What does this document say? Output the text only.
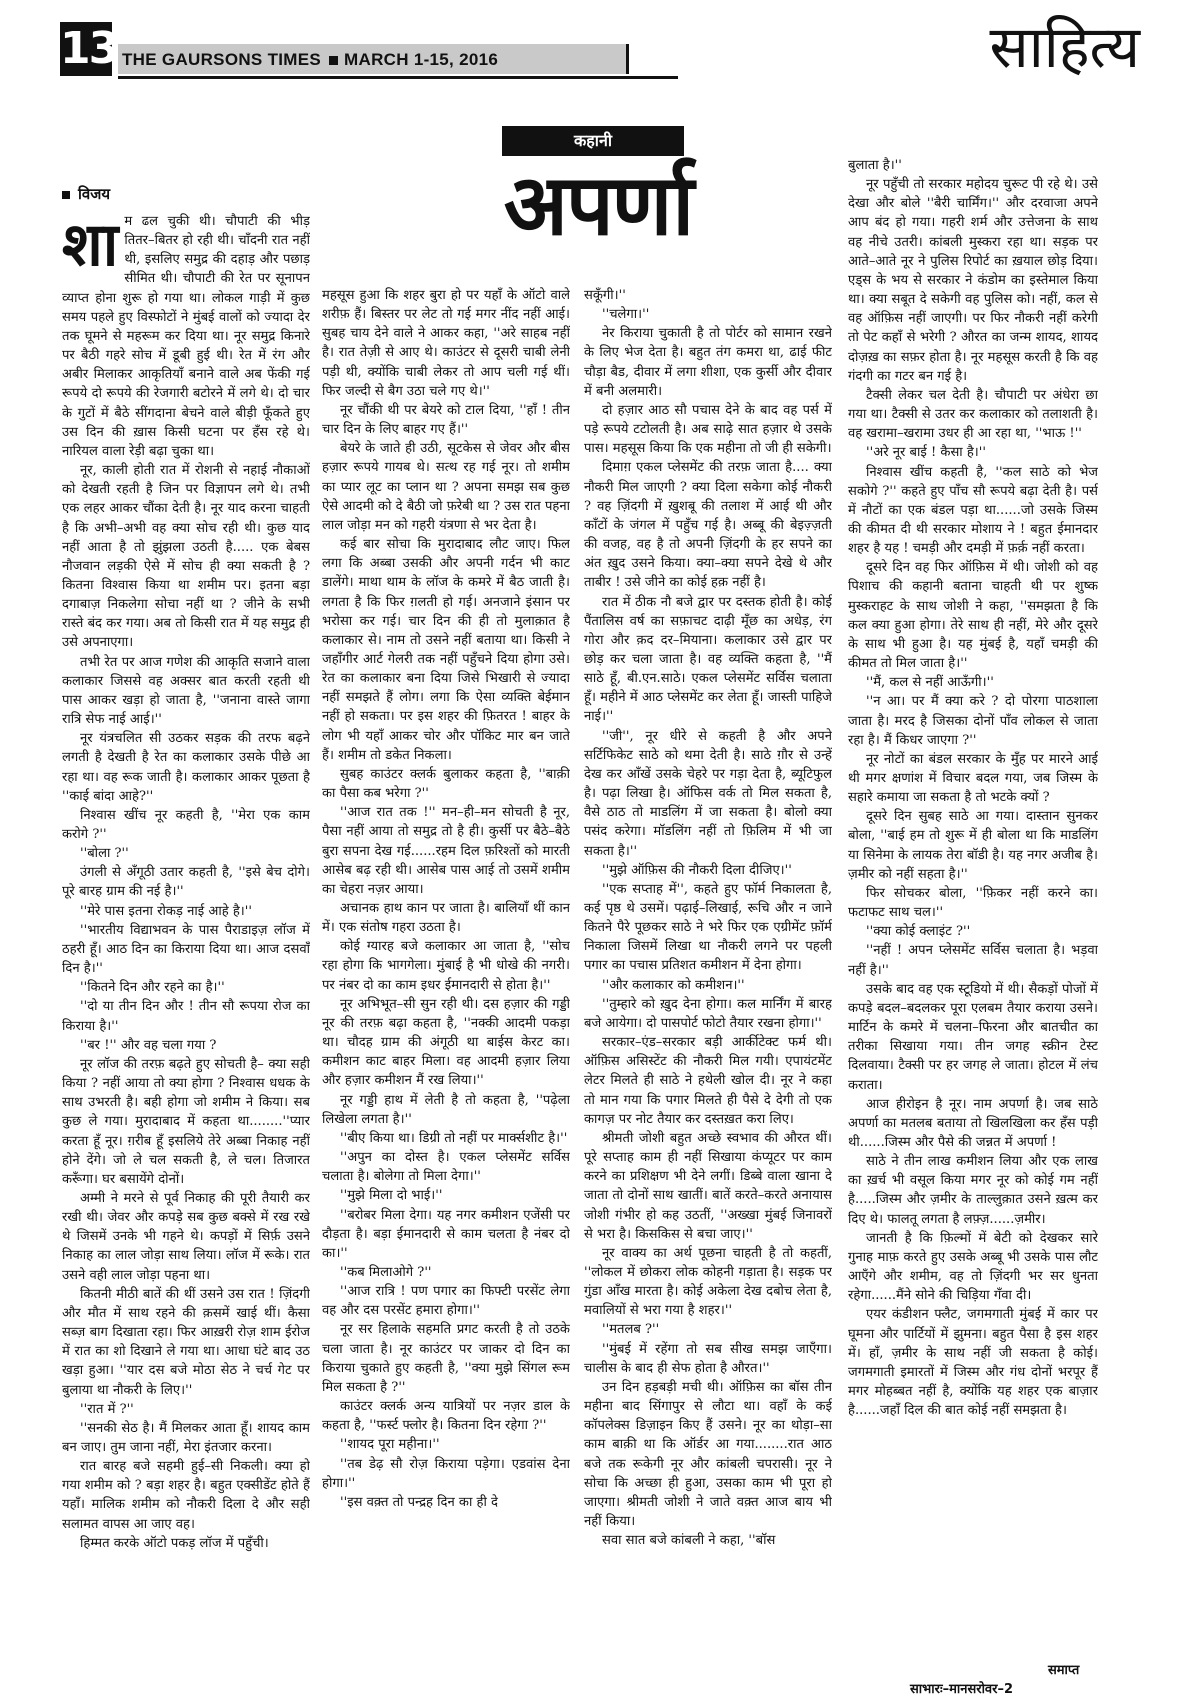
13 THE GAURSONS TIMES MARCH 1-15, 2016	साहित्य
कहानी
अपर्णा
विजय
शा म ढल चुकी थी। चौपाटी की भीड़ तितर–बितर हो रही थी। चाँदनी रात नहीं थी, इसलिए समुद्र की दहाड़ और पछाड़ सीमित थी। चौपाटी की रेत पर सूनापन व्याप्त होना शुरू हो गया था। लोकल गाड़ी में कुछ समय पहले हुए विस्फोटों ने मुंबई वालों को ज्यादा देर तक घूमने से महरूम कर दिया था। नूर समुद्र किनारे पर बैठी गहरे सोच में डूबी हुई थी। रेत में रंग और अबीर मिलाकर आकृतियाँ बनाने वाले अब फेंकी गई रूपये दो रूपये की रेजगारी बटोरने में लगे थे। दो चार के गुटों में बैठे सींगदाना बेचने वाले बीड़ी फूँकते हुए उस दिन की ख़ास किसी घटना पर हँस रहे थे। नारियल वाला रेड़ी बढ़ा चुका था।

नूर, काली होती रात में रोशनी से नहाई नौकाओं को देखती रहती है जिन पर विज्ञापन लगे थे। तभी एक लहर आकर चौंका देती है। नूर याद करना चाहती है कि अभी–अभी वह क्या सोच रही थी। कुछ याद नहीं आता है तो झुंझला उठती है..... एक बेबस नौजवान लड़की ऐसे में सोच ही क्या सकती है ? कितना विश्वास किया था शमीम पर। इतना बड़ा दगाबाज़ निकलेगा सोचा नहीं था ? जीने के सभी रास्ते बंद कर गया। अब तो किसी रात में यह समुद्र ही उसे अपनाएगा।

तभी रेत पर आज गणेश की आकृति सजाने वाला कलाकार जिससे वह अक्सर बात करती रहती थी पास आकर खड़ा हो जाता है, ''जनाना वास्ते जागा रात्रि सेफ नाई आई।''

नूर यंत्रचलित सी उठकर सड़क की तरफ बढ़ने लगती है देखती है रेत का कलाकार उसके पीछे आ रहा था। वह रूक जाती है। कलाकार आकर पूछता है ''काई बांदा आहे?''

निश्वास खींच नूर कहती है, ''मेरा एक काम करोगे ?''

''बोला ?''

उंगली से अँगूठी उतार कहती है, ''इसे बेच दोगे। पूरे बारह ग्राम की नई है।''

''मेरे पास इतना रोकड़ नाई आहे है।''

''भारतीय विद्याभवन के पास पैराडाइज़ लॉज में ठहरी हूँ। आठ दिन का किराया दिया था। आज दसवाँ दिन है।''

''कितने दिन और रहने का है।''

''दो या तीन दिन और ! तीन सौ रूपया रोज का किराया है।''

''बर !'' और वह चला गया ?

नूर लॉज की तरफ़ बढ़ते हुए सोचती है– क्या सही किया ? नहीं आया तो क्या होगा ? निश्वास धधक के साथ उभरती है। बही होगा जो शमीम ने किया। सब कुछ ले गया। मुरादाबाद में कहता था........''प्यार करता हूँ नूर। ग़रीब हूँ इसलिये तेरे अब्बा निकाह नहीं होने देंगे। जो ले चल सकती है, ले चल। तिजारत करूँगा। घर बसायेंगे दोनों।

अम्मी ने मरने से पूर्व निकाह की पूरी तैयारी कर रखी थी। जेवर और कपड़े सब कुछ बक्से में रख रखे थे जिसमें उनके भी गहने थे। कपड़ों में सिर्फ़ उसने निकाह का लाल जोड़ा साथ लिया। लॉज में रूके। रात उसने वही लाल जोड़ा पहना था।

कितनी मीठी बातें की थीं उसने उस रात ! ज़िंदगी और मौत में साथ रहने की क़समें खाई थीं। कैसा सब्ज़ बाग दिखाता रहा। फिर आख़री रोज़ शाम ईरोज में रात का शो दिखाने ले गया था। आधा घंटे बाद उठ खड़ा हुआ। ''यार दस बजे मोठा सेठ ने चर्च गेट पर बुलाया था नौकरी के लिए।''

''रात में ?''

''सनकी सेठ है। मैं मिलकर आता हूँ। शायद काम बन जाए। तुम जाना नहीं, मेरा इंतजार करना।

रात बारह बजे सहमी हुई–सी निकली। क्या हो गया शमीम को ? बड़ा शहर है। बहुत एक्सीडेंट होते हैं यहाँ। मालिक शमीम को नौकरी दिला दे और सही सलामत वापस आ जाए वह।

हिम्मत करके ऑटो पकड़ लॉज में पहुँची।

महसूस हुआ कि शहर बुरा हो पर यहाँ के ऑटो वाले शरीफ़ हैं। बिस्तर पर लेट तो गई मगर नींद नहीं आई। सुबह चाय देने वाले ने आकर कहा, ''अरे साहब नहीं है। रात तेज़ी से आए थे। काउंटर से दूसरी चाबी लेनी पड़ी थी, क्योंकि चाबी लेकर तो आप चली गई थीं। फिर जल्दी से बैग उठा चले गए थे।''

नूर चौंकी थी पर बेयरे को टाल दिया, ''हाँ ! तीन चार दिन के लिए बाहर गए हैं।''

बेयरे के जाते ही उठी, सूटकेस से जेवर और बीस हज़ार रूपये गायब थे। सत्थ रह गई नूर। तो शमीम का प्यार लूट का प्लान था ? अपना समझ सब कुछ ऐसे आदमी को दे बैठी जो फ़रेबी था ? उस रात पहना लाल जोड़ा मन को गहरी यंत्रणा से भर देता है।

कई बार सोचा कि मुरादाबाद लौट जाए। फिल लगा कि अब्बा उसकी और अपनी गर्दन भी काट डालेंगे। माथा थाम के लॉज के कमरे में बैठ जाती है। लगता है कि फिर ग़लती हो गई। अनजाने इंसान पर भरोसा कर गई। चार दिन की ही तो मुलाक़ात है कलाकार से। नाम तो उसने नहीं बताया था। किसी ने जहाँगीर आर्ट गेलरी तक नहीं पहुँचने दिया होगा उसे। रेत का कलाकार बना दिया जिसे भिखारी से ज्यादा नहीं समझते हैं लोग। लगा कि ऐसा व्यक्ति बेईमान नहीं हो सकता। पर इस शहर की फ़ितरत ! बाहर के लोग भी यहाँ आकर चोर और पॉकिट मार बन जाते हैं। शमीम तो डकेत निकला।

सुबह काउंटर क्लर्क बुलाकर कहता है, ''बाक़ी का पैसा कब भरेगा ?''

''आज रात तक !'' मन–ही–मन सोचती है नूर, पैसा नहीं आया तो समुद्र तो है ही। कुर्सी पर बैठे–बैठे बुरा सपना देख गई......रहम दिल फ़रिश्तों को मारती आसेब बढ़ रही थी। आसेब पास आई तो उसमें शमीम का चेहरा नज़र आया।

अचानक हाथ कान पर जाता है। बालियाँ थीं कान में। एक संतोष गहरा उठता है।

कोई ग्यारह बजे कलाकार आ जाता है, ''सोच रहा होगा कि भागगेला। मुंबाई है भी धोखे की नगरी। पर नंबर दो का काम इधर ईमानदारी से होता है।''

नूर अभिभूत–सी सुन रही थी। दस हज़ार की गड्डी नूर की तरफ़ बढ़ा कहता है, ''नक्की आदमी पकड़ा था। चौदह ग्राम की अंगूठी था बाईस केरट का। कमीशन काट बाहर मिला। वह आदमी हज़ार लिया और हज़ार कमीशन मैं रख लिया।''

नूर गड्डी हाथ में लेती है तो कहता है, ''पढ़ेला लिखेला लगता है।''

''बीए किया था। डिग्री तो नहीं पर मार्क्सशीट है।''

''अपुन का दोस्त है। एकल प्लेसमेंट सर्विस चलाता है। बोलेगा तो मिला देगा।''

''मुझे मिला दो भाई।''

''बरोबर मिला देगा। यह नगर कमीशन एजेंसी पर दौड़ता है। बड़ा ईमानदारी से काम चलता है नंबर दो का।''

''कब मिलाओगे ?''

''आज रात्रि ! पण पगार का फिफ्टी परसेंट लेगा वह और दस परसेंट हमारा होगा।''

नूर सर हिलाके सहमति प्रगट करती है तो उठके चला जाता है। नूर काउंटर पर जाकर दो दिन का किराया चुकाते हुए कहती है, ''क्या मुझे सिंगल रूम मिल सकता है ?''

काउंटर क्लर्क अन्य यात्रियों पर नज़र डाल के कहता है, ''फर्स्ट फ्लोर है। कितना दिन रहेगा ?''

''शायद पूरा महीना।''

''तब डेढ़ सौ रोज़ किराया पड़ेगा। एडवांस देना होगा।''

''इस वक़्त तो पन्द्रह दिन का ही दे

सकूँगी।''

''चलेगा।''

नेर किराया चुकाती है तो पोर्टर को सामान रखने के लिए भेज देता है। बहुत तंग कमरा था, ढाई फीट चौड़ा बैड, दीवार में लगा शीशा, एक कुर्सी और दीवार में बनी अलमारी।

दो हज़ार आठ सौ पचास देने के बाद वह पर्स में पड़े रूपये टटोलती है। अब साढ़े सात हज़ार थे उसके पास। महसूस किया कि एक महीना तो जी ही सकेगी।

दिमाग़ एकल प्लेसमेंट की तरफ़ जाता है.... क्या नौकरी मिल जाएगी ? क्या दिला सकेगा कोई नौकरी ? वह ज़िंदगी में ख़ुशबू की तलाश में आई थी और काँटों के जंगल में पहुँच गई है। अब्बू की बेइज़्ज़ती की वजह, वह है तो अपनी ज़िंदगी के हर सपने का अंत ख़ुद उसने किया। क्या–क्या सपने देखे थे और ताबीर ! उसे जीने का कोई हक़ नहीं है।

रात में ठीक नौ बजे द्वार पर दस्तक होती है। कोई पैंतालिस वर्ष का सफ़ाचट दाढ़ी मूँछ का अधेड़, रंग गोरा और क़द दर–मियाना। कलाकार उसे द्वार पर छोड़ कर चला जाता है। वह व्यक्ति कहता है, ''मैं साठे हूँ, बी.एन.साठे। एकल प्लेसमेंट सर्विस चलाता हूँ। महीने में आठ प्लेसमेंट कर लेता हूँ। जास्ती पाहिजे नाई।''

''जी'', नूर धीरे से कहती है और अपने सर्टिफिकेट साठे को थमा देती है। साठे ग़ौर से उन्हें देख कर आँखें उसके चेहरे पर गड़ा देता है, ब्यूटिफुल है। पढ़ा लिखा है। ऑफिस वर्क तो मिल सकता है, वैसे ठाठ तो माडलिंग में जा सकता है। बोलो क्या पसंद करेगा। मॉडलिंग नहीं तो फ़िलिम में भी जा सकता है।''

''मुझे ऑफ़िस की नौकरी दिला दीजिए।''

''एक सप्ताह में'', कहते हुए फॉर्म निकालता है, कई पृष्ठ थे उसमें। पढ़ाई–लिखाई, रूचि और न जाने कितने पैरे पूछकर साठे ने भरे फिर एक एग्रीमेंट फ़ॉर्म निकाला जिसमें लिखा था नौकरी लगने पर पहली पगार का पचास प्रतिशत कमीशन में देना होगा।

''और कलाकार को कमीशन।''

''तुम्हारे को ख़ुद देना होगा। कल मार्निंग में बारह बजे आयेगा। दो पासपोर्ट फोटो तैयार रखना होगा।''

सरकार–एंड–सरकार बड़ी आर्कीटेक्ट फर्म थी। ऑफ़िस असिस्टेंट की नौकरी मिल गयी। एपायंटमेंट लेटर मिलते ही साठे ने हथेली खोल दी। नूर ने कहा तो मान गया कि पगार मिलते ही पैसे दे देगी तो एक कागज़ पर नोट तैयार कर दस्तख़त करा लिए।

श्रीमती जोशी बहुत अच्छे स्वभाव की औरत थीं। पूरे सप्ताह काम ही नहीं सिखाया कंप्यूटर पर काम करने का प्रशिक्षण भी देने लगीं। डिब्बे वाला खाना दे जाता तो दोनों साथ खातीं। बातें करते–करते अनायास जोशी गंभीर हो कह उठतीं, ''अख्खा मुंबई जिनावरों से भरा है। किसकिस से बचा जाए।''

नूर वाक्य का अर्थ पूछना चाहती है तो कहतीं, ''लोकल में छोकरा लोक कोहनी गड़ाता है। सड़क पर गुंडा आँख मारता है। कोई अकेला देख दबोच लेता है, मवालियों से भरा गया है शहर।''

''मतलब ?''

''मुंबई में रहेंगा तो सब सीख समझ जाएँगा। चालीस के बाद ही सेफ होता है औरत।''

उन दिन हड़बड़ी मची थी। ऑफ़िस का बॉस तीन महीना बाद सिंगापुर से लौटा था। वहाँ के कई कॉपलेक्स डिज़ाइन किए हैं उसने। नूर का थोड़ा–सा काम बाक़ी था कि ऑर्डर आ गया........रात आठ बजे तक रूकेगी नूर और कांबली चपरासी। नूर ने सोचा कि अच्छा ही हुआ, उसका काम भी पूरा हो जाएगा। श्रीमती जोशी ने जाते वक़्त आज बाय भी नहीं किया।

सवा सात बजे कांबली ने कहा, ''बॉस

बुलाता है।''

नूर पहुँची तो सरकार महोदय चुरूट पी रहे थे। उसे देखा और बोले ''बैरी चार्मिंग।'' और दरवाजा अपने आप बंद हो गया। गहरी शर्म और उत्तेजना के साथ वह नीचे उतरी। कांबली मुस्करा रहा था। सड़क पर आते–आते नूर ने पुलिस रिपोर्ट का ख़याल छोड़ दिया। एड्स के भय से सरकार ने कंडोम का इस्तेमाल किया था। क्या सबूत दे सकेगी वह पुलिस को। नहीं, कल से वह ऑफ़िस नहीं जाएगी। पर फिर नौकरी नहीं करेगी तो पेट कहाँ से भरेगी ? औरत का जन्म शायद, शायद दोज़ख़ का सफ़र होता है। नूर महसूस करती है कि वह गंदगी का गटर बन गई है।

टैक्सी लेकर चल देती है। चौपाटी पर अंधेरा छा गया था। टैक्सी से उतर कर कलाकार को तलाशती है। वह खरामा–खरामा उधर ही आ रहा था, ''भाऊ !''

''अरे नूर बाई ! कैसा है।''

निश्वास खींच कहती है, ''कल साठे को भेज सकोगे ?'' कहते हुए पाँच सौ रूपये बढ़ा देती है। पर्स में नौटों का एक बंडल पड़ा था......जो उसके जिस्म की कीमत दी थी सरकार मोशाय ने ! बहुत ईमानदार शहर है यह ! चमड़ी और दमड़ी में फ़र्क़ नहीं करता।

दूसरे दिन वह फिर ऑफ़िस में थी। जोशी को वह पिशाच की कहानी बताना चाहती थी पर शुष्क मुस्कराहट के साथ जोशी ने कहा, ''समझता है कि कल क्या हुआ होगा। तेरे साथ ही नहीं, मेरे और दूसरे के साथ भी हुआ है। यह मुंबई है, यहाँ चमड़ी की कीमत तो मिल जाता है।''

''मैं, कल से नहीं आऊँगी।''

''न आ। पर मैं क्या करे ? दो पोरगा पाठशाला जाता है। मरद है जिसका दोनों पाँव लोकल से जाता रहा है। मैं किधर जाएगा ?''

नूर नोटों का बंडल सरकार के मुँह पर मारने आई थी मगर क्षणांश में विचार बदल गया, जब जिस्म के सहारे कमाया जा सकता है तो भटके क्यों ?

दूसरे दिन सुबह साठे आ गया। दास्तान सुनकर बोला, ''बाई हम तो शुरू में ही बोला था कि माडलिंग या सिनेमा के लायक तेरा बॉडी है। यह नगर अजीब है। ज़मीर को नहीं सहता है।''

फिर सोचकर बोला, ''फ़िकर नहीं करने का। फटाफट साथ चल।''

''क्या कोई क्लाइंट ?''

''नहीं ! अपन प्लेसमेंट सर्विस चलाता है। भड़वा नहीं है।''

उसके बाद वह एक स्टूडियो में थी। सैकड़ों पोजों में कपड़े बदल–बदलकर पूरा एलबम तैयार कराया उसने। मार्टिन के कमरे में चलना–फिरना और बातचीत का तरीका सिखाया गया। तीन जगह स्क्रीन टेस्ट दिलवाया। टैक्सी पर हर जगह ले जाता। होटल में लंच कराता।

आज हीरोइन है नूर। नाम अपर्णा है। जब साठे अपर्णा का मतलब बताया तो खिलखिला कर हँस पड़ी थी......जिस्म और पैसे की जन्नत में अपर्णा !

साठे ने तीन लाख कमीशन लिया और एक लाख का ख़र्च भी वसूल किया मगर नूर को कोई गम नहीं है.....जिस्म और ज़मीर के ताल्लुक़ात उसने ख़त्म कर दिए थे। फालतू लगता है लफ़्ज़......ज़मीर।

जानती है कि फ़िल्मों में बेटी को देखकर सारे गुनाह माफ़ करते हुए उसके अब्बू भी उसके पास लौट आएँगे और शमीम, वह तो ज़िंदगी भर सर धुनता रहेगा......मैंने सोने की चिड़िया गँवा दी।

एयर कंडीशन फ्लैट, जगमगाती मुंबई में कार पर घूमना और पार्टियों में झुमना। बहुत पैसा है इस शहर में। हाँ, ज़मीर के साथ नहीं जी सकता है कोई। जगमगाती इमारतों में जिस्म और गंध दोनों भरपूर हैं मगर मोहब्बत नहीं है, क्योंकि यह शहर एक बाज़ार है......जहाँ दिल की बात कोई नहीं समझता है।

समाप्त
साभारः–मानसरोवर–2
